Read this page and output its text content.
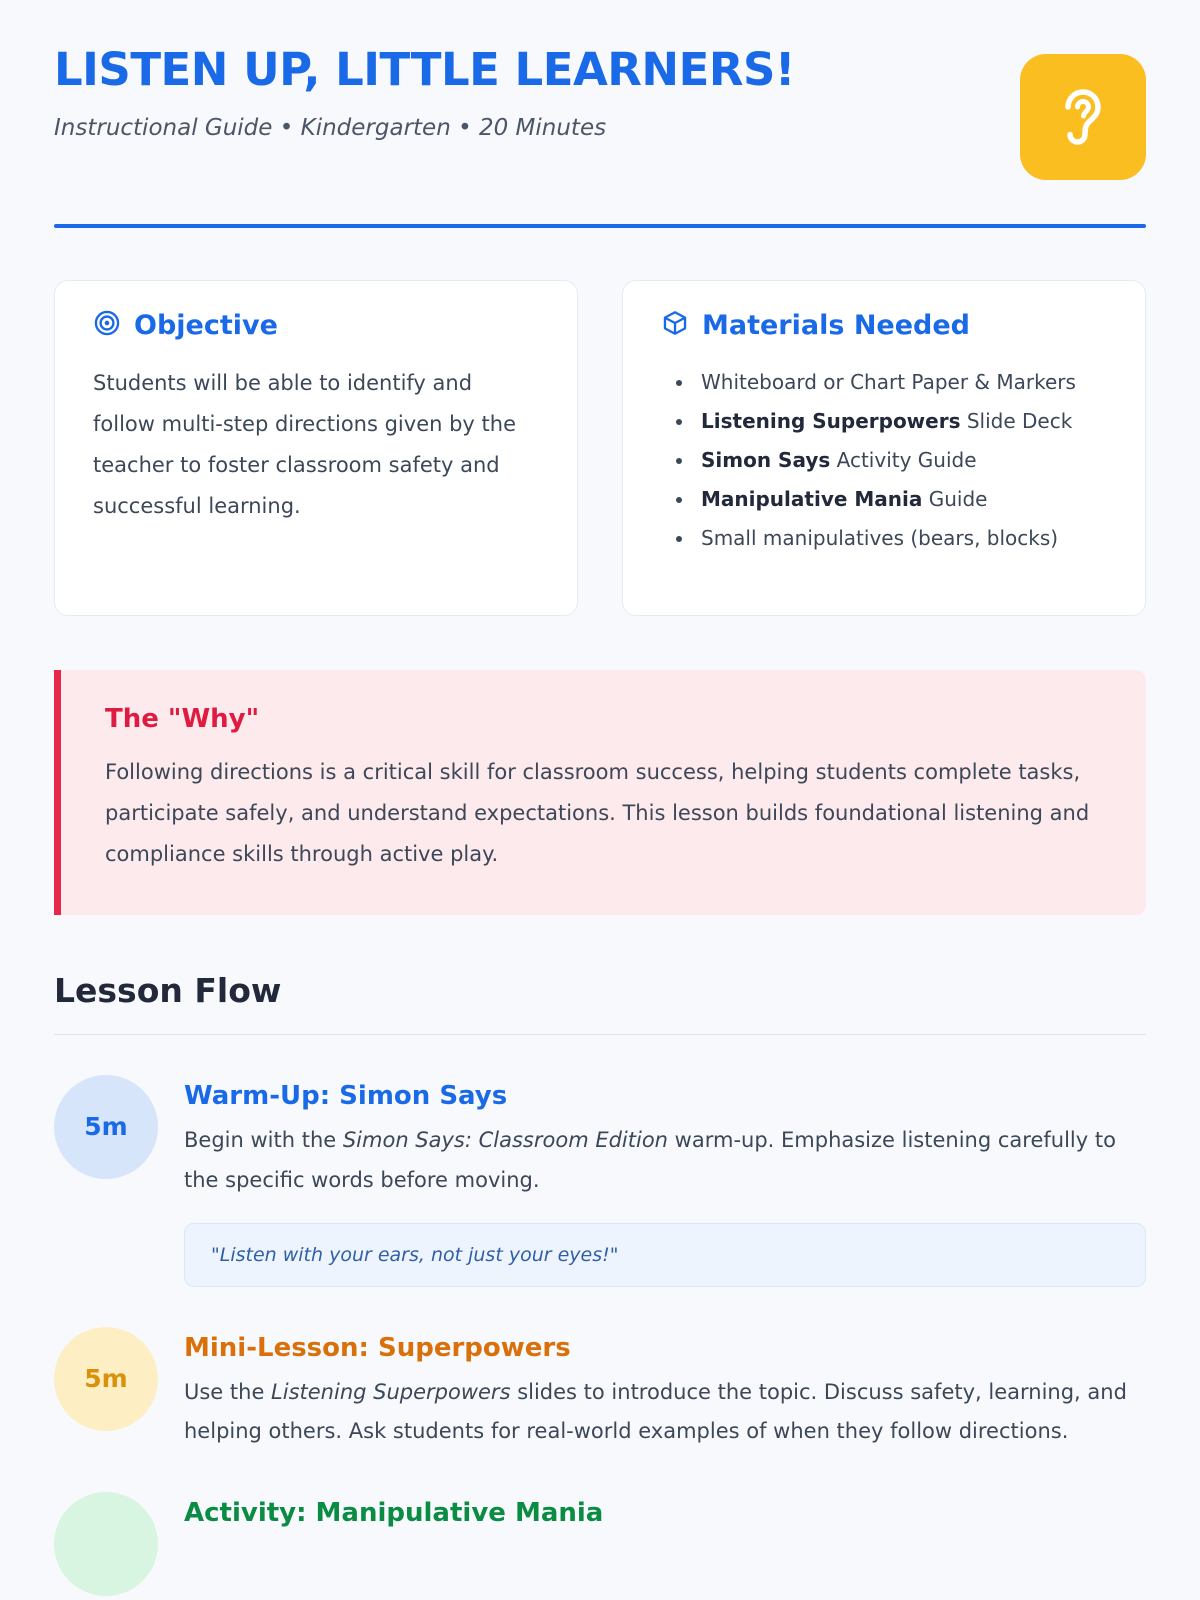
LISTEN UP, LITTLE LEARNERS!

Instructional Guide • Kindergarten • 20 Minutes

Objective
Students will be able to identify and follow multi-step directions given by the teacher to foster classroom safety and successful learning.
Materials Needed
• Whiteboard or Chart Paper & Markers
• Listening Superpowers Slide Deck
• Simon Says Activity Guide
• Manipulative Mania Guide
• Small manipulatives (bears, blocks)

The "Why"

Following directions is a critical skill for classroom success, helping students complete tasks, participate safely, and understand expectations. This lesson builds foundational listening and compliance skills through active play.

Lesson Flow
5m

Warm-Up: Simon Says

Begin with the Simon Says: Classroom Edition warm-up. Emphasize listening carefully to the specific words before moving.

"Listen with your ears, not just your eyes!"
5m

Mini-Lesson: Superpowers

Use the Listening Superpowers slides to introduce the topic. Discuss safety, learning, and helping others. Ask students for real-world examples of when they follow directions.

Activity: Manipulative Mania
